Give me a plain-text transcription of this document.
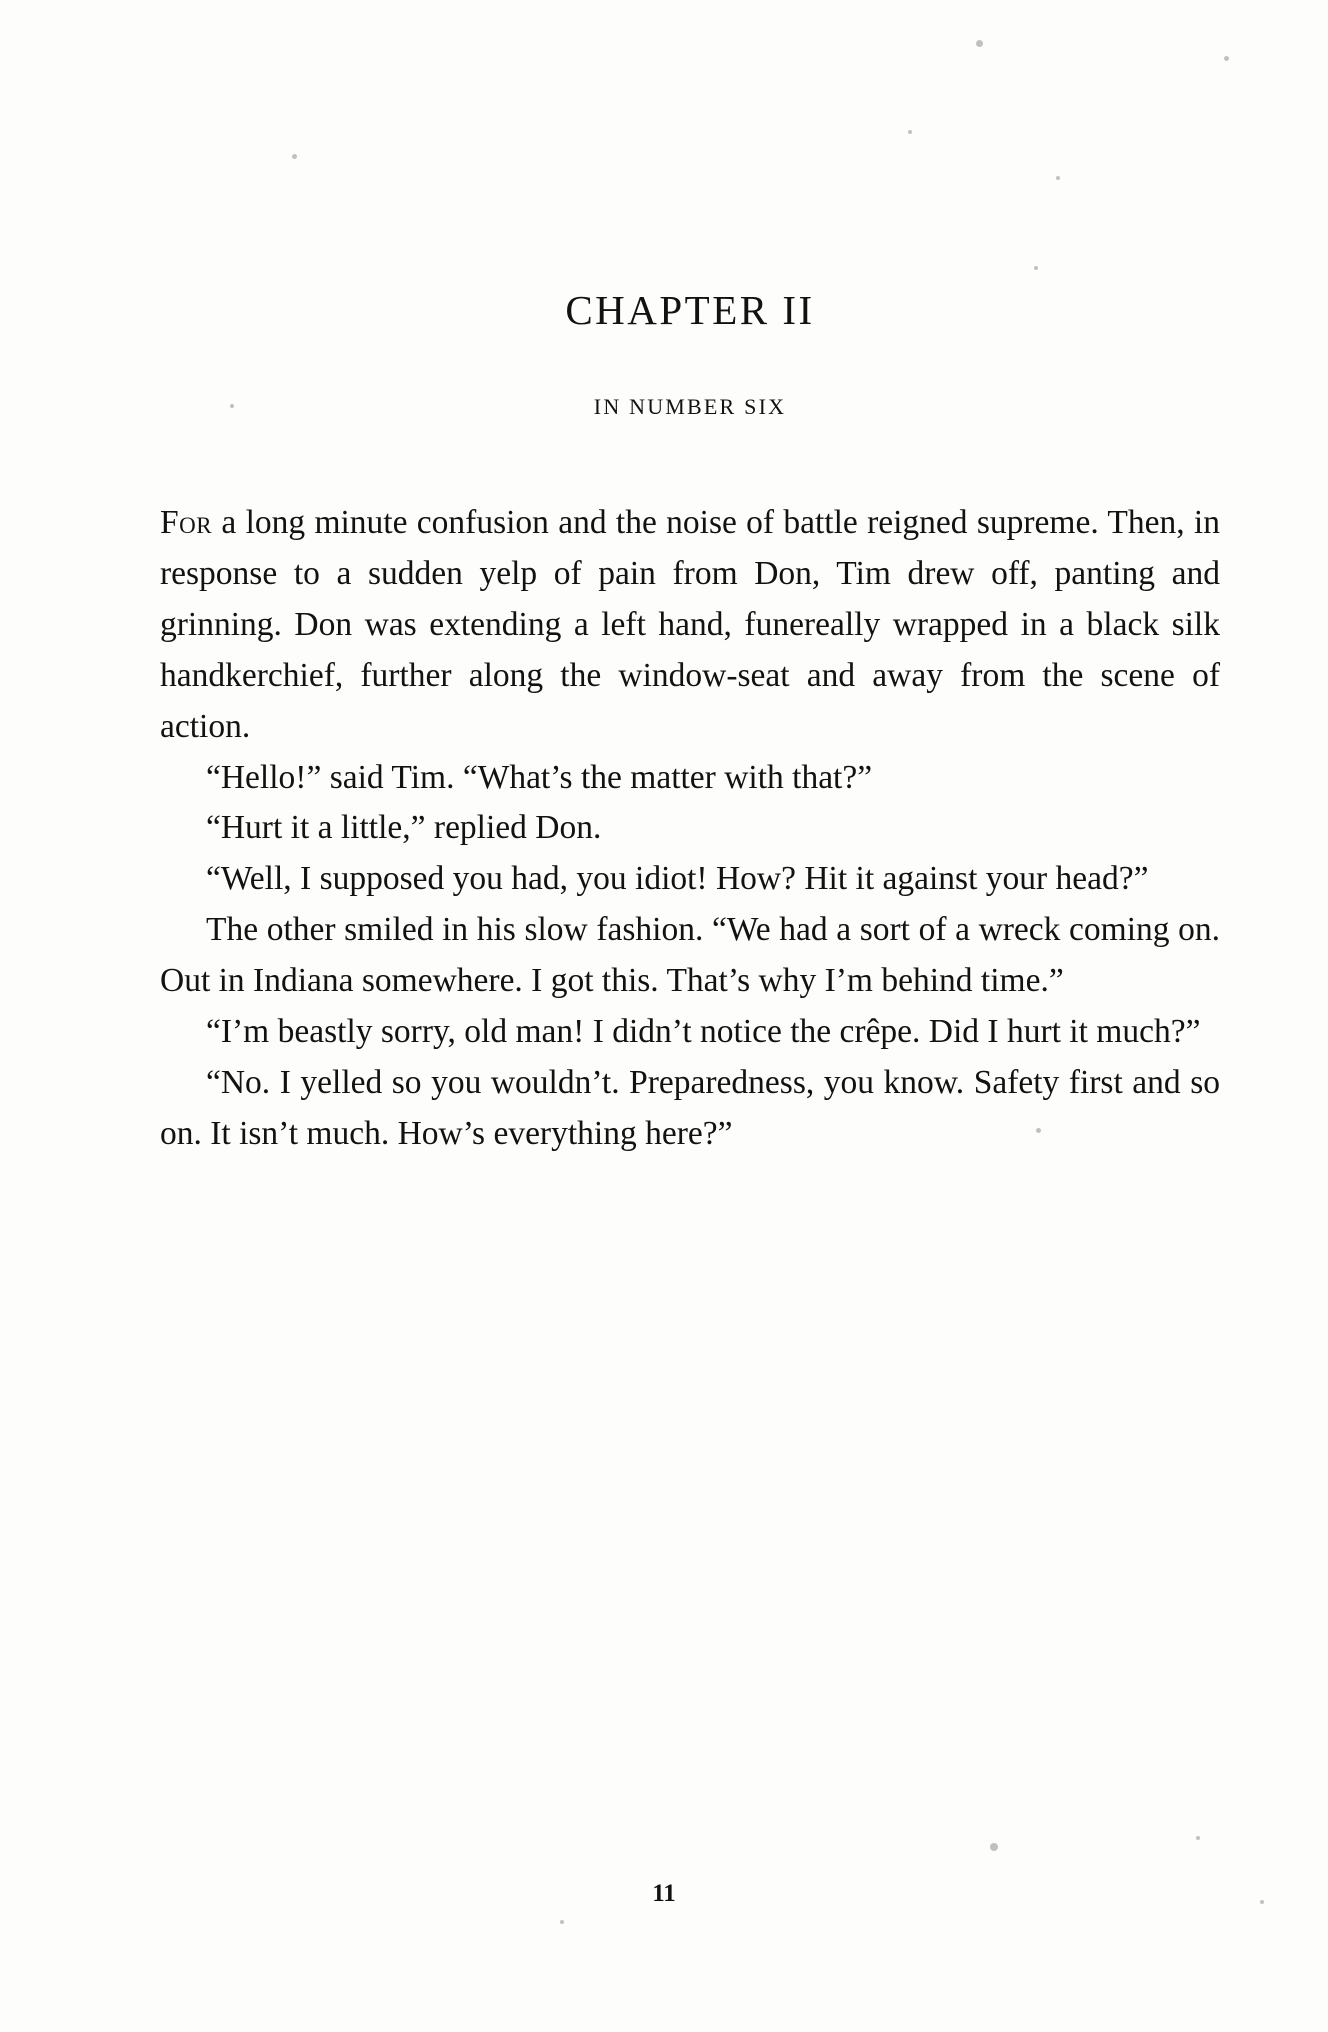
CHAPTER II
IN NUMBER SIX

For a long minute confusion and the noise of battle reigned supreme. Then, in response to a sudden yelp of pain from Don, Tim drew off, panting and grinning. Don was extending a left hand, funereally wrapped in a black silk handkerchief, further along the window-seat and away from the scene of action.

“Hello!” said Tim. “What’s the matter with that?”

“Hurt it a little,” replied Don.

“Well, I supposed you had, you idiot! How? Hit it against your head?”

The other smiled in his slow fashion. “We had a sort of a wreck coming on. Out in Indiana somewhere. I got this. That’s why I’m behind time.”

“I’m beastly sorry, old man! I didn’t notice the crêpe. Did I hurt it much?”

“No. I yelled so you wouldn’t. Preparedness, you know. Safety first and so on. It isn’t much. How’s everything here?”

11
